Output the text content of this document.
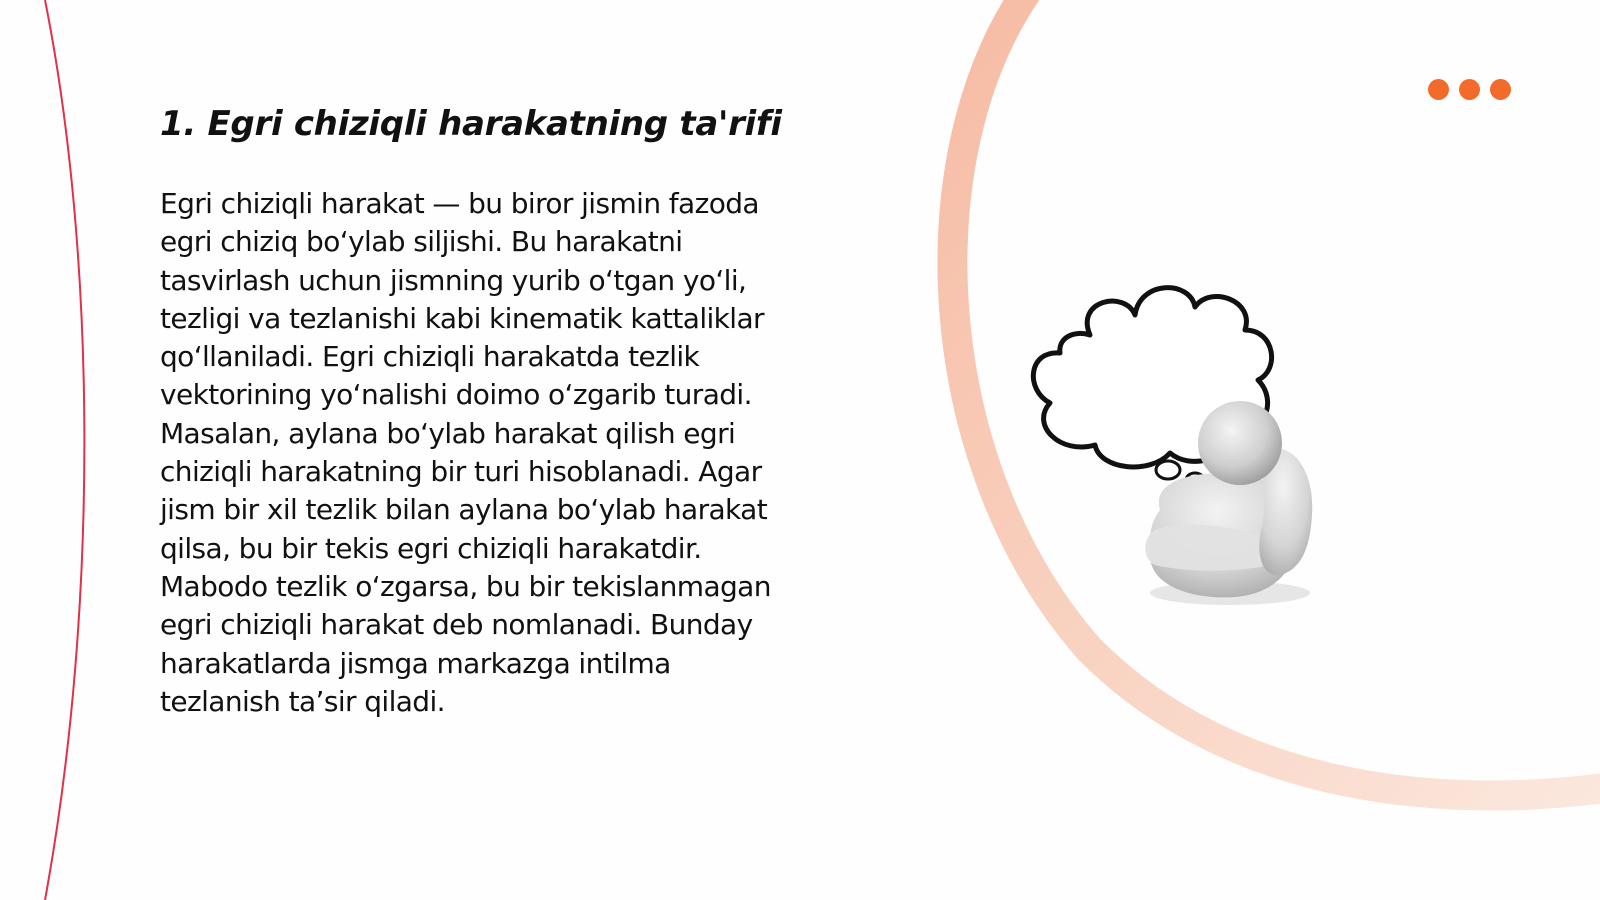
1. Egri chiziqli harakatning ta'rifi

Egri chiziqli harakat — bu biror jismin fazoda
egri chiziq bo‘ylab siljishi. Bu harakatni
tasvirlash uchun jismning yurib o‘tgan yo‘li,
tezligi va tezlanishi kabi kinematik kattaliklar
qo‘llaniladi. Egri chiziqli harakatda tezlik
vektorining yo‘nalishi doimo o‘zgarib turadi.
Masalan, aylana bo‘ylab harakat qilish egri
chiziqli harakatning bir turi hisoblanadi. Agar
jism bir xil tezlik bilan aylana bo‘ylab harakat
qilsa, bu bir tekis egri chiziqli harakatdir.
Mabodo tezlik o‘zgarsa, bu bir tekislanmagan
egri chiziqli harakat deb nomlanadi. Bunday
harakatlarda jismga markazga intilma
tezlanish ta’sir qiladi.
